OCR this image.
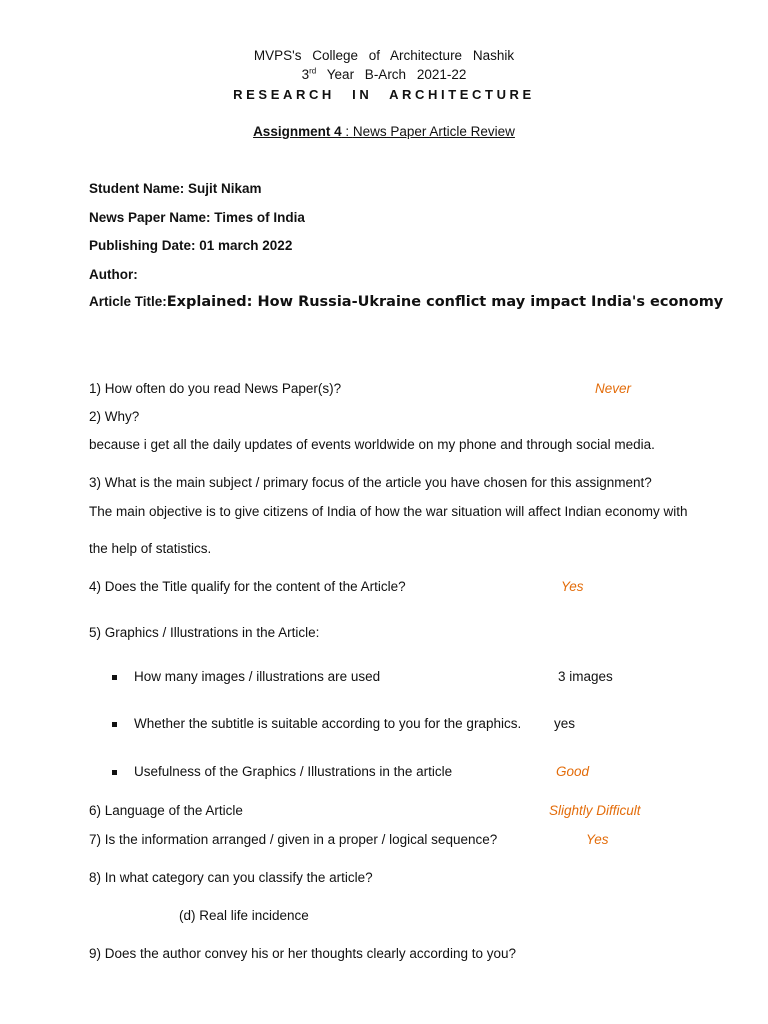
MVPS's College of Architecture Nashik
3rd Year B-Arch 2021-22
RESEARCH IN ARCHITECTURE
Assignment 4 : News Paper Article Review
Student Name: Sujit Nikam
News Paper Name: Times of India
Publishing Date: 01 march 2022
Author:
Article Title:Explained: How Russia-Ukraine conflict may impact India's economy
1) How often do you read News Paper(s)?	Never
2) Why?
because i get all the daily updates of events worldwide on my phone and through social media.
3) What is the main subject / primary focus of the article you have chosen for this assignment?
The main objective is to give citizens of India of how the war situation will affect Indian economy with
the help of statistics.
4) Does the Title qualify for the content of the Article?	Yes
5) Graphics / Illustrations in the Article:
How many images / illustrations are used	3 images
Whether the subtitle is suitable according to you for the graphics. yes
Usefulness of the Graphics / Illustrations in the article	Good
6) Language of the Article	Slightly Difficult
7) Is the information arranged / given in a proper / logical sequence?	Yes
8) In what category can you classify the article?
(d) Real life incidence
9) Does the author convey his or her thoughts clearly according to you?
